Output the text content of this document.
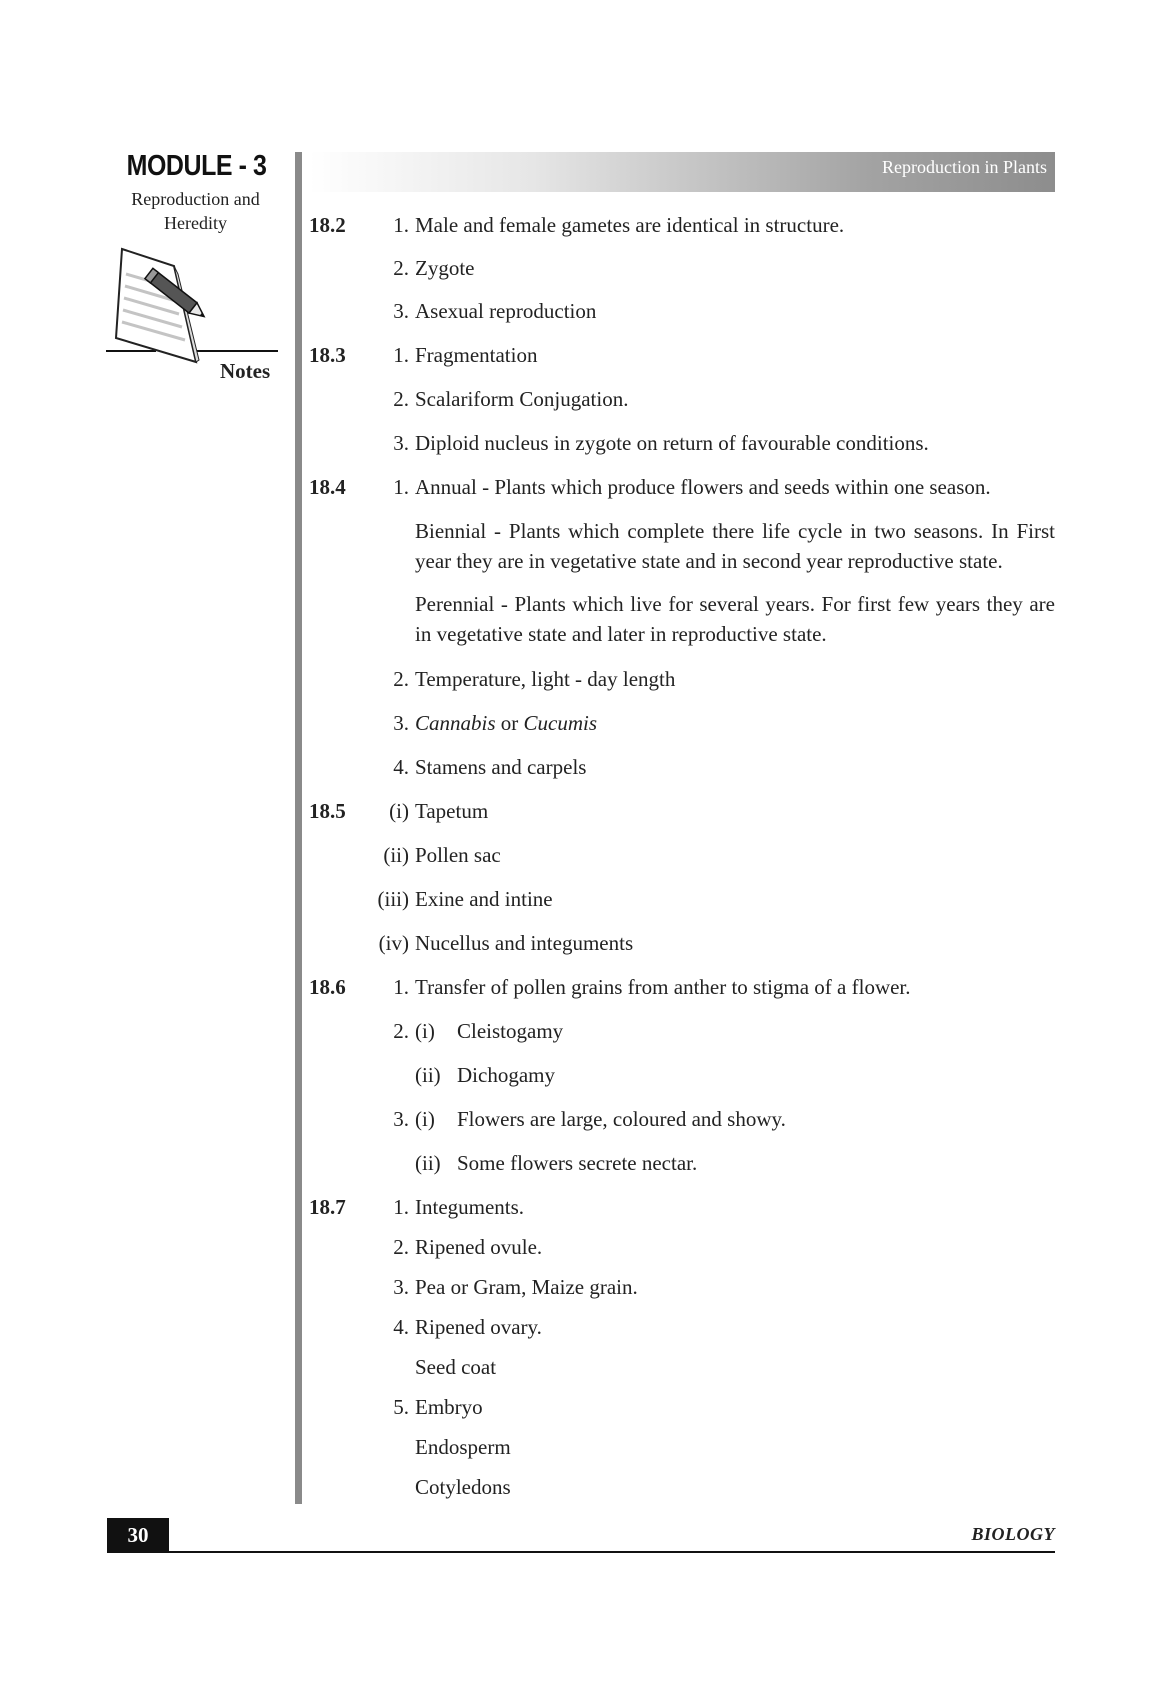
MODULE - 3
Reproduction and
Heredity
Notes
Reproduction in Plants
18.2 1. Male and female gametes are identical in structure.
2. Zygote
3. Asexual reproduction
18.3 1. Fragmentation
2. Scalariform Conjugation.
3. Diploid nucleus in zygote on return of favourable conditions.
18.4 1. Annual - Plants which produce flowers and seeds within one season.
Biennial - Plants which complete there life cycle in two seasons. In First year they are in vegetative state and in second year reproductive state.
Perennial - Plants which live for several years. For first few years they are in vegetative state and later in reproductive state.
2. Temperature, light - day length
3. Cannabis or Cucumis
4. Stamens and carpels
18.5 (i) Tapetum
(ii) Pollen sac
(iii) Exine and intine
(iv) Nucellus and integuments
18.6 1. Transfer of pollen grains from anther to stigma of a flower.
2. (i) Cleistogamy
(ii) Dichogamy
3. (i) Flowers are large, coloured and showy.
(ii) Some flowers secrete nectar.
18.7 1. Integuments.
2. Ripened ovule.
3. Pea or Gram, Maize grain.
4. Ripened ovary.
Seed coat
5. Embryo
Endosperm
Cotyledons
30	BIOLOGY
